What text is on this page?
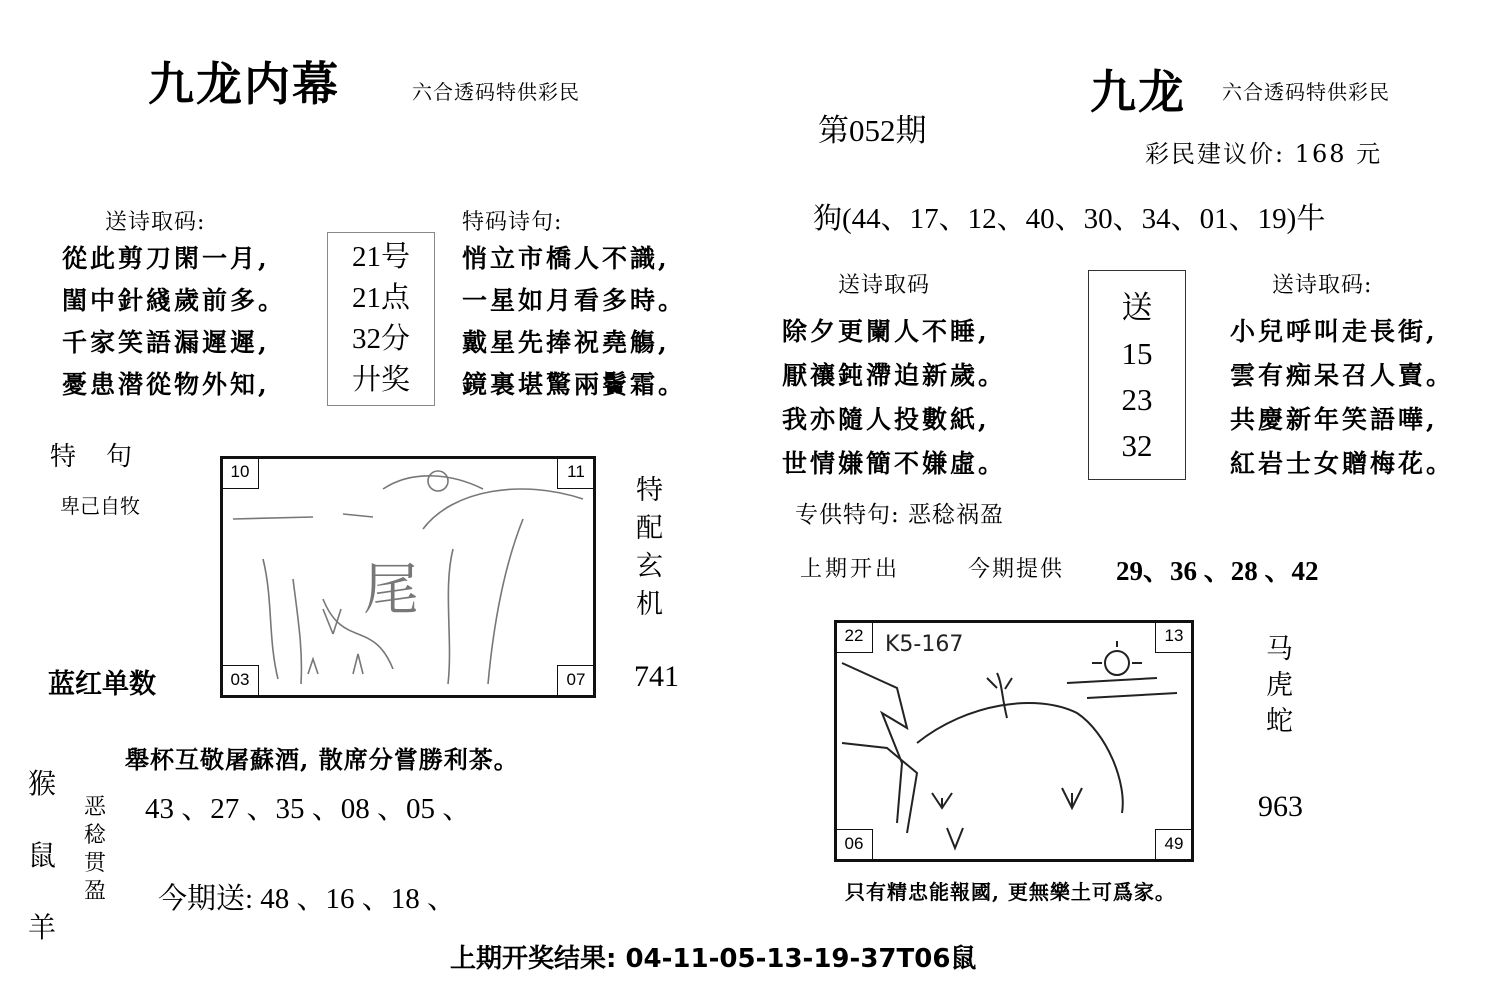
九龙内幕	六合透码特供彩民
送诗取码:
從此剪刀閑一月,
閨中針綫歲前多。
千家笑語漏遲遲,
憂患潜從物外知,
21号
21点
32分
廾奖
特码诗句:
悄立市橋人不識,
一星如月看多時。
戴星先捧祝堯觴,
鏡裏堪驚兩鬢霜。
特　句
卑己自牧
蓝红单数
尾
10	11
03	07
特
配
玄
机
741
舉杯互敬屠蘇酒, 散席分嘗勝利茶。
猴
鼠
羊
恶
稔
贯
盈
43 、27 、35 、08 、05 、
今期送: 48 、16 、18 、
第052期
九龙 六合透码特供彩民
彩民建议价: 168 元
狗(44、17、12、40、30、34、01、19)牛
送诗取码
除夕更闌人不睡,
厭禳鈍滯迫新歲。
我亦隨人投數紙,
世情嫌簡不嫌虛。
送
15
23
32
送诗取码:
小兒呼叫走長街,
雲有痴呆召人賣。
共慶新年笑語嘩,
紅岩士女贈梅花。
专供特句: 恶稔祸盈
上期开出	今期提供 29、36 、28 、42
K5-167
22	13
06	49
马
虎
蛇
963
只有精忠能報國, 更無樂土可爲家。
上期开奖结果: 04-11-05-13-19-37T06鼠
